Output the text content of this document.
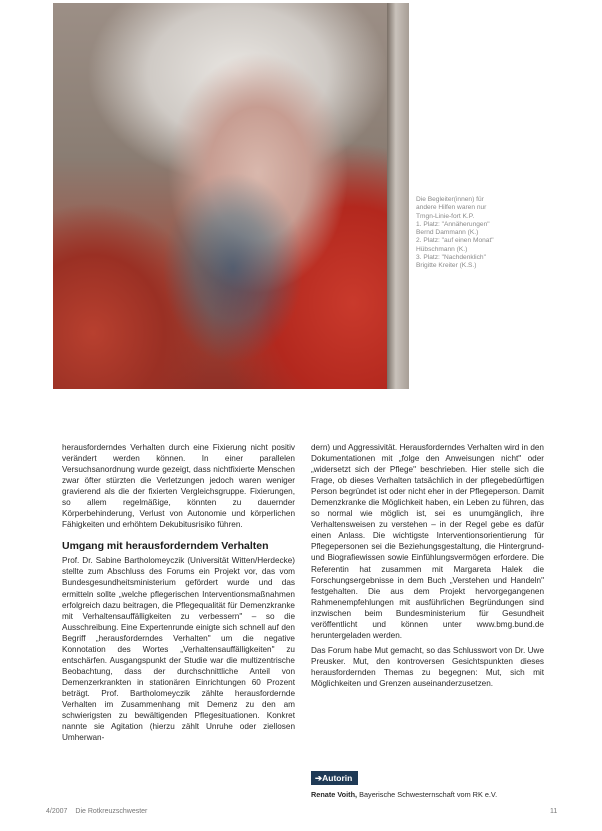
Die Begleiter(innen) für

andere Hilfen waren nur

Tmgn-Linie-fort K.P.

1. Platz: "Annäherungen"

Bernd Dammann (K.)

2. Platz: "auf einen Monat"

Hübschmann (K.)

3. Platz: "Nachdenklich"

Brigitte Kreiter (K.S.)

herausforderndes Verhalten durch eine Fixierung nicht positiv verändert werden können. In einer parallelen Versuchsanordnung wurde gezeigt, dass nichtfixierte Menschen zwar öfter stürzten die Verletzungen jedoch waren weniger gravierend als die der fixierten Vergleichsgruppe. Fixierungen, so allem regelmäßige, könnten zu dauernder Körperbehinderung, Verlust von Autonomie und körperlichen Fähigkeiten und erhöhtem Dekubitusrisiko führen.

Umgang mit herausforderndem Verhalten

Prof. Dr. Sabine Bartholomeyczik (Universität Witten/Herdecke) stellte zum Abschluss des Forums ein Projekt vor, das vom Bundesgesundheitsministerium gefördert wurde und das ermitteln sollte „welche pflegerischen Interventionsmaßnahmen erfolgreich dazu beitragen, die Pflegequalität für Demenzkranke mit Verhaltensauffälligkeiten zu verbessern" – so die Ausschreibung. Eine Expertenrunde einigte sich schnell auf den Begriff „herausforderndes Verhalten" um die negative Konnotation des Wortes „Verhaltensauffälligkeiten" zu entschärfen. Ausgangspunkt der Studie war die multizentrische Beobachtung, dass der durchschnittliche Anteil von Demenzerkrankten in stationären Einrichtungen 60 Prozent beträgt. Prof. Bartholomeyczik zählte herausfordernde Verhalten im Zusammenhang mit Demenz zu den am schwierigsten zu bewältigenden Pflegesituationen. Konkret nannte sie Agitation (hierzu zählt Unruhe oder ziellosen Umherwan-

dern) und Aggressivität. Herausforderndes Verhalten wird in den Dokumentationen mit „folge den Anweisungen nicht" oder „widersetzt sich der Pflege" beschrieben. Hier stelle sich die Frage, ob dieses Verhalten tatsächlich in der pflegebedürftigen Person begründet ist oder nicht eher in der Pflegeperson. Damit Demenzkranke die Möglichkeit haben, ein Leben zu führen, das so normal wie möglich ist, sei es unumgänglich, ihre Verhaltensweisen zu verstehen – in der Regel gebe es dafür einen Anlass. Die wichtigste Interventionsorientierung für Pflegepersonen sei die Beziehungsgestaltung, die Hintergrund- und Biografiewissen sowie Einfühlungsvermögen erfordere. Die Referentin hat zusammen mit Margareta Halek die Forschungsergebnisse in dem Buch „Verstehen und Handeln" festgehalten. Die aus dem Projekt hervorgegangenen Rahmenempfehlungen mit ausführlichen Begründungen sind inzwischen beim Bundesministerium für Gesundheit veröffentlicht und können unter www.bmg.bund.de heruntergeladen werden.

Das Forum habe Mut gemacht, so das Schlusswort von Dr. Uwe Preusker. Mut, den kontroversen Gesichtspunkten dieses herausfordernden Themas zu begegnen: Mut, sich mit Möglichkeiten und Grenzen auseinanderzusetzen.

➔Autorin
Renate Voith, Bayerische Schwesternschaft vom RK e.V.
4/2007 Die Rotkreuzschwester	11
